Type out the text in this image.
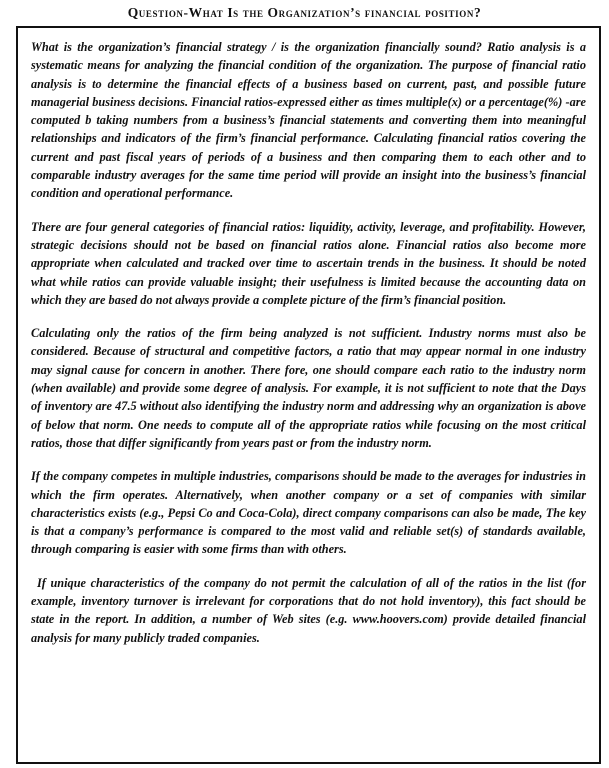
Question-What Is the Organization’s financial position?

What is the organization’s financial strategy / is the organization financially sound? Ratio analysis is a systematic means for analyzing the financial condition of the organization. The purpose of financial ratio analysis is to determine the financial effects of a business based on current, past, and possible future managerial business decisions. Financial ratios-expressed either as times multiple(x) or a percentage(%) -are computed b taking numbers from a business’s financial statements and converting them into meaningful relationships and indicators of the firm’s financial performance. Calculating financial ratios covering the current and past fiscal years of periods of a business and then comparing them to each other and to comparable industry averages for the same time period will provide an insight into the business’s financial condition and operational performance.

There are four general categories of financial ratios: liquidity, activity, leverage, and profitability. However, strategic decisions should not be based on financial ratios alone. Financial ratios also become more appropriate when calculated and tracked over time to ascertain trends in the business. It should be noted what while ratios can provide valuable insight; their usefulness is limited because the accounting data on which they are based do not always provide a complete picture of the firm’s financial position.

Calculating only the ratios of the firm being analyzed is not sufficient. Industry norms must also be considered. Because of structural and competitive factors, a ratio that may appear normal in one industry may signal cause for concern in another. There fore, one should compare each ratio to the industry norm (when available) and provide some degree of analysis. For example, it is not sufficient to note that the Days of inventory are 47.5 without also identifying the industry norm and addressing why an organization is above of below that norm. One needs to compute all of the appropriate ratios while focusing on the most critical ratios, those that differ significantly from years past or from the industry norm.

If the company competes in multiple industries, comparisons should be made to the averages for industries in which the firm operates. Alternatively, when another company or a set of companies with similar characteristics exists (e.g., Pepsi Co and Coca-Cola), direct company comparisons can also be made, The key is that a company’s performance is compared to the most valid and reliable set(s) of standards available, through comparing is easier with some firms than with others.

If unique characteristics of the company do not permit the calculation of all of the ratios in the list (for example, inventory turnover is irrelevant for corporations that do not hold inventory), this fact should be state in the report. In addition, a number of Web sites (e.g. www.hoovers.com) provide detailed financial analysis for many publicly traded companies.
